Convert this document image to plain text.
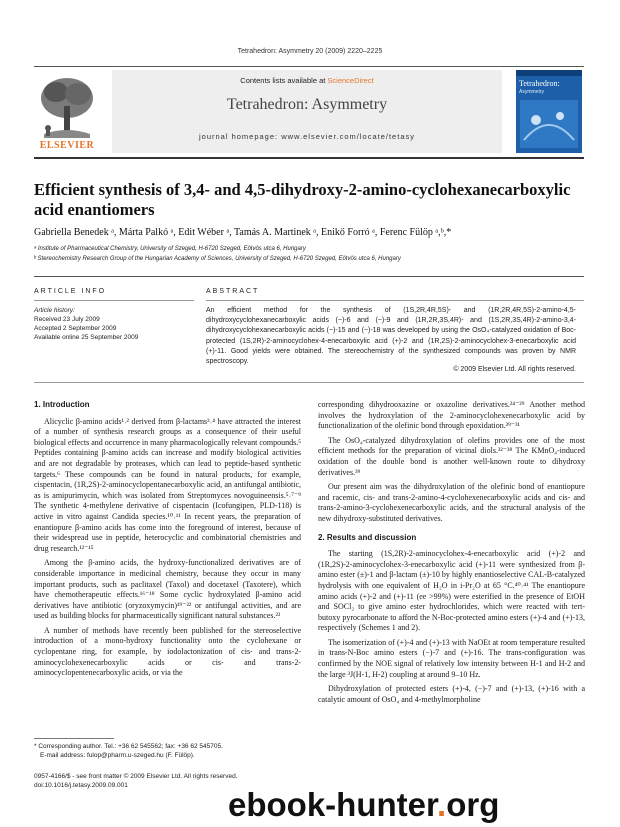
Tetrahedron: Asymmetry 20 (2009) 2220–2225
ELSEVIER
Contents lists available at ScienceDirect
Tetrahedron: Asymmetry
journal homepage: www.elsevier.com/locate/tetasy
Tetrahedron:
Asymmetry
Efficient synthesis of 3,4- and 4,5-dihydroxy-2-amino-cyclohexanecarboxylic acid enantiomers
Gabriella Benedek ᵃ, Márta Palkó ᵃ, Edit Wéber ᵃ, Tamás A. Martinek ᵃ, Enikő Forró ᵃ, Ferenc Fülöp ᵃ,ᵇ,*
ᵃ Institute of Pharmaceutical Chemistry, University of Szeged, H-6720 Szeged, Eötvös utca 6, Hungary
ᵇ Stereochemistry Research Group of the Hungarian Academy of Sciences, University of Szeged, H-6720 Szeged, Eötvös utca 6, Hungary
ARTICLE INFO	ABSTRACT
Article history:
Received 23 July 2009
Accepted 2 September 2009
Available online 25 September 2009
An efficient method for the synthesis of (1S,2R,4R,5S)- and (1R,2R,4R,5S)-2-amino-4,5-dihydroxycyclohexanecarboxylic acids (−)-6 and (−)-9 and (1R,2R,3S,4R)- and (1S,2R,3S,4R)-2-amino-3,4-dihydroxycyclohexanecarboxylic acids (−)-15 and (−)-18 was developed by using the OsO₄-catalyzed oxidation of Boc-protected (1S,2R)-2-aminocyclohex-4-enecarboxylic acid (+)-2 and (1R,2S)-2-aminocyclohex-3-enecarboxylic acid (+)-11. Good yields were obtained. The stereochemistry of the synthesized compounds was proven by NMR spectroscopy.
© 2009 Elsevier Ltd. All rights reserved.
1. Introduction

Alicyclic β-amino acids¹˒² derived from β-lactams³˒⁴ have attracted the interest of a number of synthesis research groups as a consequence of their useful biological effects and occurrence in many pharmacologically relevant compounds.⁵ Peptides containing β-amino acids can increase and modify biological activities and are not degradable by proteases, which can lead to peptide-based synthetic targets.⁶ These compounds can be found in natural products, for example, cispentacin, (1R,2S)-2-aminocyclopentanecarboxylic acid, an antifungal antibiotic, as is amipurimycin, which was isolated from Streptomyces novoguineensis.⁵˒⁷⁻⁹ The synthetic 4-methylene derivative of cispentacin (Icofungipen, PLD-118) is active in vitro against Candida species.¹⁰˒¹¹ In recent years, the preparation of enantiopure β-amino acids has come into the foreground of interest, because of their widespread use in peptide, heterocyclic and combinatorial chemistries and drug research.¹²⁻¹⁵

Among the β-amino acids, the hydroxy-functionalized derivatives are of considerable importance in medicinal chemistry, because they occur in many important products, such as paclitaxel (Taxol) and docetaxel (Taxotere), which have chemotherapeutic effects.¹⁶⁻¹⁸ Some cyclic hydroxylated β-amino acid derivatives have antibiotic (oryzoxymycin)¹⁹⁻²² or antifungal activities, and are used as building blocks for pharmaceutically significant natural substances.²³

A number of methods have recently been published for the stereoselective introduction of a mono-hydroxy functionality onto the cyclohexane or cyclopentane ring, for example, by iodolactonization of cis- and trans-2-aminocyclohexenecarboxylic acids or cis- and trans-2-aminocyclopentenecarboxylic acids, or via the

corresponding dihydrooxazine or oxazoline derivatives.²⁴⁻²⁹ Another method involves the hydroxylation of the 2-aminocyclohexenecarboxylic acid by functionalization of the olefinic bond through epoxidation.²⁹⁻³¹

The OsO₄-catalyzed dihydroxylation of olefins provides one of the most efficient methods for the preparation of vicinal diols.³²⁻³⁸ The KMnO₄-induced oxidation of the double bond is another well-known route to dihydroxy derivatives.³⁹

Our present aim was the dihydroxylation of the olefinic bond of enantiopure and racemic, cis- and trans-2-amino-4-cyclohexenecarboxylic acids and cis- and trans-2-amino-3-cyclohexenecarboxylic acids, and the structural analysis of the new dihydroxy-substituted derivatives.

2. Results and discussion

The starting (1S,2R)-2-aminocyclohex-4-enecarboxylic acid (+)-2 and (1R,2S)-2-aminocyclohex-3-enecarboxylic acid (+)-11 were synthesized from β-amino ester (±)-1 and β-lactam (±)-10 by highly enantioselective CAL-B-catalyzed hydrolysis with one equivalent of H₂O in i-Pr₂O at 65 °C.⁴⁰˒⁴¹ The enantiopure amino acids (+)-2 and (+)-11 (ee >99%) were esterified in the presence of EtOH and SOCl₂ to give amino ester hydrochlorides, which were reacted with tert-butoxy pyrocarbonate to afford the N-Boc-protected amino esters (+)-4 and (+)-13, respectively (Schemes 1 and 2).

The isomerization of (+)-4 and (+)-13 with NaOEt at room temperature resulted in trans-N-Boc amino esters (−)-7 and (+)-16. The trans-configuration was confirmed by the NOE signal of relatively low intensity between H-1 and H-2 and the large ³J(H-1, H-2) coupling at around 9–10 Hz.

Dihydroxylation of protected esters (+)-4, (−)-7 and (+)-13, (+)-16 with a catalytic amount of OsO₄ and 4-methylmorpholine

* Corresponding author. Tel.: +36 62 545562; fax: +36 62 545705.
E-mail address: fulop@pharm.u-szeged.hu (F. Fülöp).
0957-4166/$ - see front matter © 2009 Elsevier Ltd. All rights reserved.
doi:10.1016/j.tetasy.2009.09.001
ebook-hunter.org
